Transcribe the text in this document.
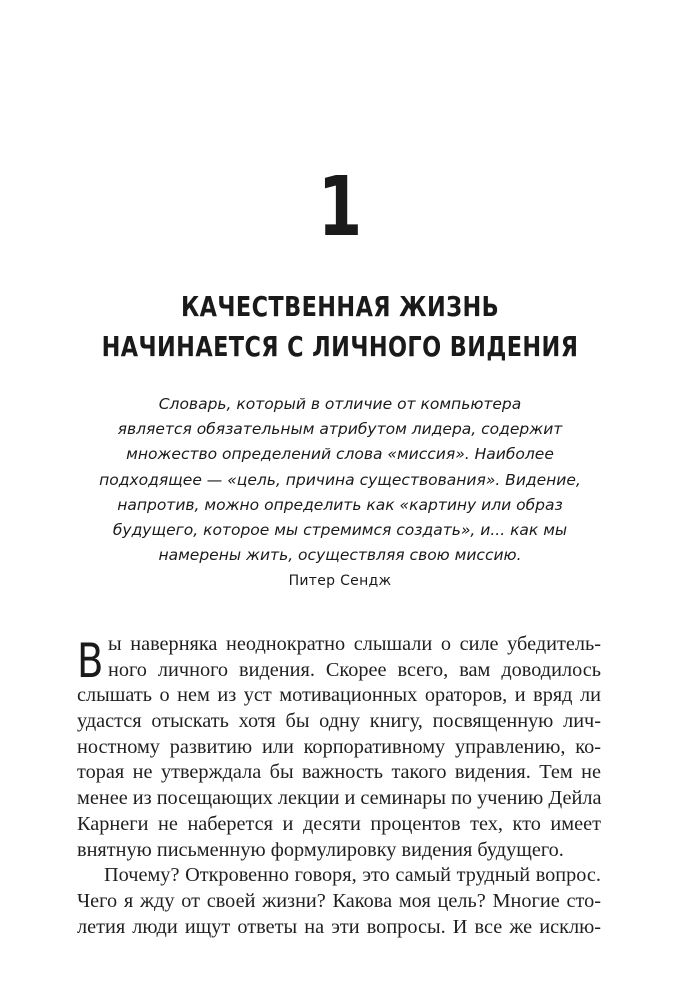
1
КАЧЕСТВЕННАЯ ЖИЗНЬ
НАЧИНАЕТСЯ С ЛИЧНОГО ВИДЕНИЯ
Словарь, который в отличие от компьютера
является обязательным атрибутом лидера, содержит
множество определений слова «миссия». Наиболее
подходящее — «цель, причина существования». Видение,
напротив, можно определить как «картину или образ
будущего, которое мы стремимся создать», и... как мы
намерены жить, осуществляя свою миссию.
Питер Сендж
В ы наверняка неоднократно слышали о силе убедитель-
ного личного видения. Скорее всего, вам доводилось
слышать о нем из уст мотивационных ораторов, и вряд ли
удастся отыскать хотя бы одну книгу, посвященную лич-
ностному развитию или корпоративному управлению, ко-
торая не утверждала бы важность такого видения. Тем не
менее из посещающих лекции и семинары по учению Дейла
Карнеги не наберется и десяти процентов тех, кто имеет
внятную письменную формулировку видения будущего.
Почему? Откровенно говоря, это самый трудный вопрос.
Чего я жду от своей жизни? Какова моя цель? Многие сто-
летия люди ищут ответы на эти вопросы. И все же исклю-
